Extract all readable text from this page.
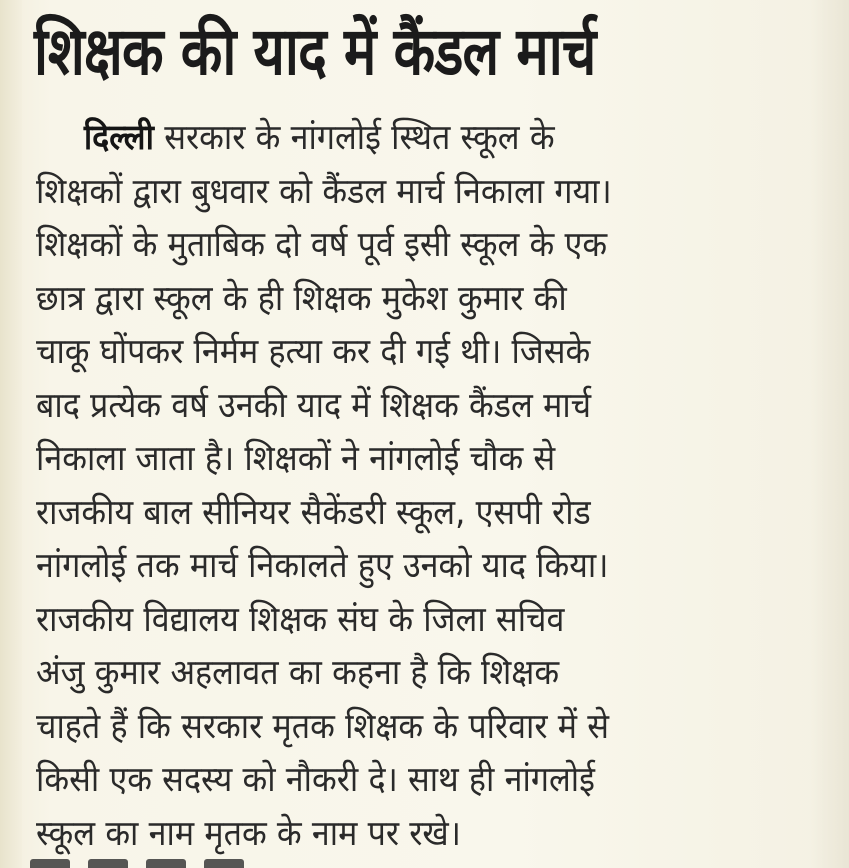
शिक्षक की याद में कैंडल मार्च
दिल्ली सरकार के नांगलोई स्थित स्कूल के
शिक्षकों द्वारा बुधवार को कैंडल मार्च निकाला गया।
शिक्षकों के मुताबिक दो वर्ष पूर्व इसी स्कूल के एक
छात्र द्वारा स्कूल के ही शिक्षक मुकेश कुमार की
चाकू घोंपकर निर्मम हत्या कर दी गई थी। जिसके
बाद प्रत्येक वर्ष उनकी याद में शिक्षक कैंडल मार्च
निकाला जाता है। शिक्षकों ने नांगलोई चौक से
राजकीय बाल सीनियर सैकेंडरी स्कूल, एसपी रोड
नांगलोई तक मार्च निकालते हुए उनको याद किया।
राजकीय विद्यालय शिक्षक संघ के जिला सचिव
अंजु कुमार अहलावत का कहना है कि शिक्षक
चाहते हैं कि सरकार मृतक शिक्षक के परिवार में से
किसी एक सदस्य को नौकरी दे। साथ ही नांगलोई
स्कूल का नाम मृतक के नाम पर रखे।
